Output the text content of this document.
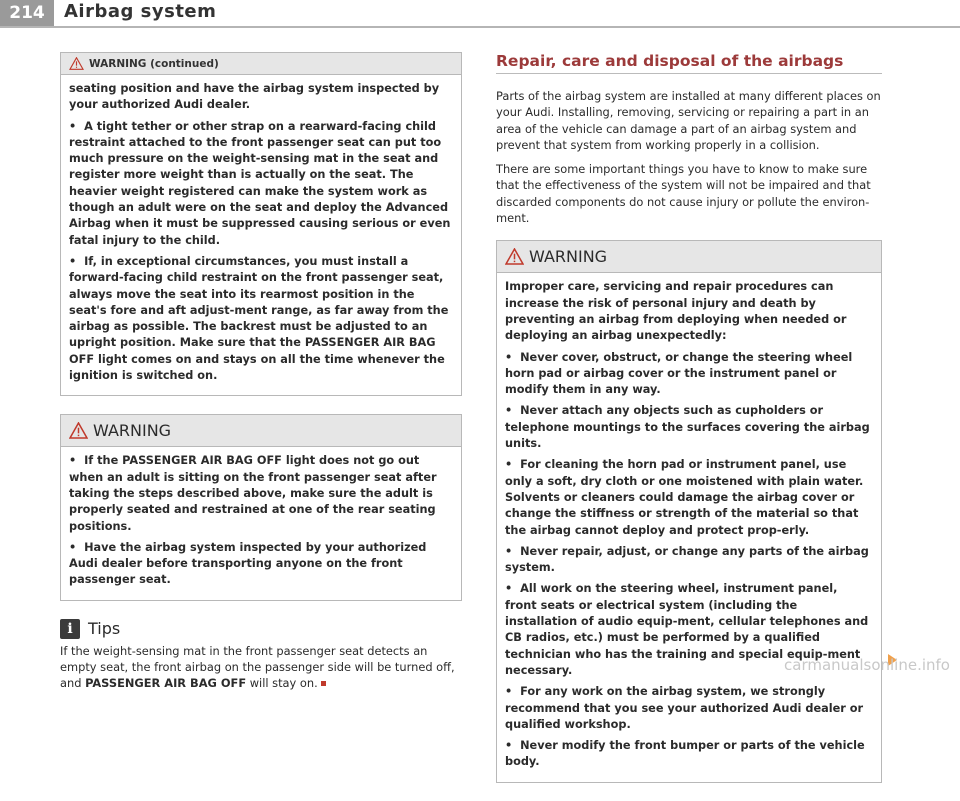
214	Airbag system
WARNING (continued)

seating position and have the airbag system inspected by your authorized Audi dealer.

•  A tight tether or other strap on a rearward-facing child restraint attached to the front passenger seat can put too much pressure on the weight-sensing mat in the seat and register more weight than is actually on the seat. The heavier weight registered can make the system work as though an adult were on the seat and deploy the Advanced Airbag when it must be suppressed causing serious or even fatal injury to the child.

•  If, in exceptional circumstances, you must install a forward-facing child restraint on the front passenger seat, always move the seat into its rearmost position in the seat's fore and aft adjust-ment range, as far away from the airbag as possible. The backrest must be adjusted to an upright position. Make sure that the PASSENGER AIR BAG OFF light comes on and stays on all the time whenever the ignition is switched on.

WARNING

•  If the PASSENGER AIR BAG OFF light does not go out when an adult is sitting on the front passenger seat after taking the steps described above, make sure the adult is properly seated and restrained at one of the rear seating positions.

•  Have the airbag system inspected by your authorized Audi dealer before transporting anyone on the front passenger seat.

i Tips

If the weight-sensing mat in the front passenger seat detects an empty seat, the front airbag on the passenger side will be turned off, and PASSENGER AIR BAG OFF will stay on.

Repair, care and disposal of the airbags

Parts of the airbag system are installed at many different places on your Audi. Installing, removing, servicing or repairing a part in an area of the vehicle can damage a part of an airbag system and prevent that system from working properly in a collision.

There are some important things you have to know to make sure that the effectiveness of the system will not be impaired and that discarded components do not cause injury or pollute the environ-ment.

WARNING

Improper care, servicing and repair procedures can increase the risk of personal injury and death by preventing an airbag from deploying when needed or deploying an airbag unexpectedly:

•  Never cover, obstruct, or change the steering wheel horn pad or airbag cover or the instrument panel or modify them in any way.

•  Never attach any objects such as cupholders or telephone mountings to the surfaces covering the airbag units.

•  For cleaning the horn pad or instrument panel, use only a soft, dry cloth or one moistened with plain water. Solvents or cleaners could damage the airbag cover or change the stiffness or strength of the material so that the airbag cannot deploy and protect prop-erly.

•  Never repair, adjust, or change any parts of the airbag system.

•  All work on the steering wheel, instrument panel, front seats or electrical system (including the installation of audio equip-ment, cellular telephones and CB radios, etc.) must be performed by a qualified technician who has the training and special equip-ment necessary.

•  For any work on the airbag system, we strongly recommend that you see your authorized Audi dealer or qualified workshop.

•  Never modify the front bumper or parts of the vehicle body.

carmanualsonline.info
